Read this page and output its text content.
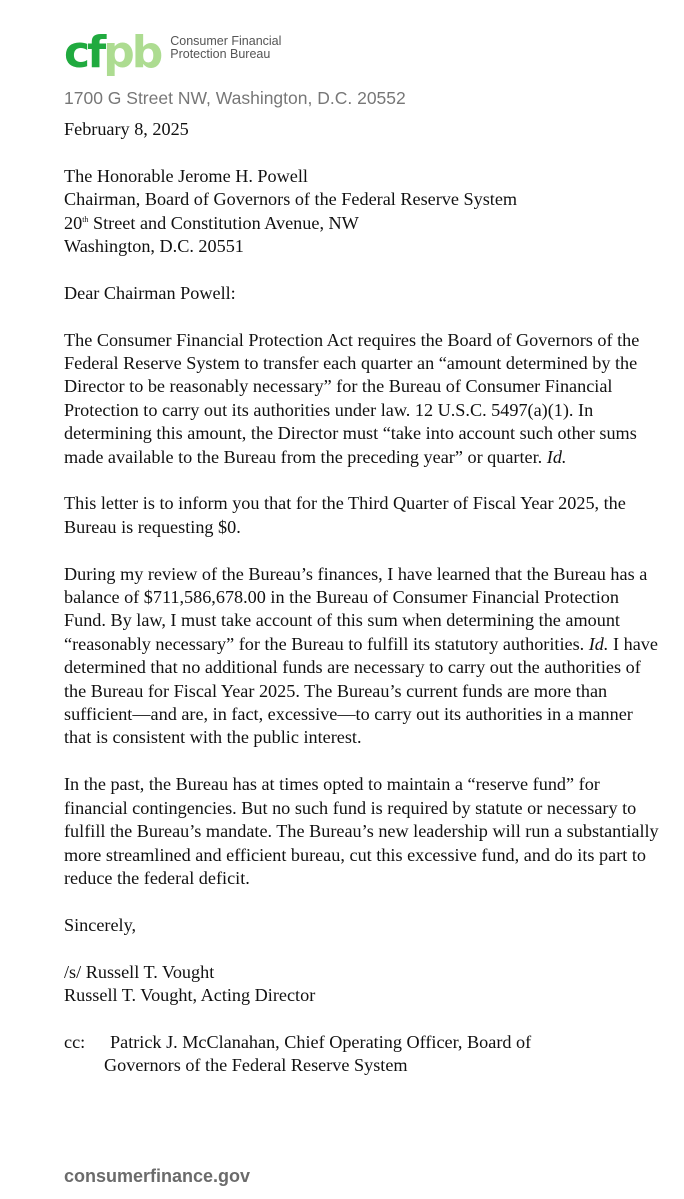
c f p b Consumer Financial
Protection Bureau
1700 G Street NW, Washington, D.C. 20552

February 8, 2025

The Honorable Jerome H. Powell

Chairman, Board of Governors of the Federal Reserve System

20th Street and Constitution Avenue, NW

Washington, D.C. 20551

Dear Chairman Powell:

The Consumer Financial Protection Act requires the Board of Governors of the Federal Reserve System to transfer each quarter an “amount determined by the Director to be reasonably necessary” for the Bureau of Consumer Financial Protection to carry out its authorities under law. 12 U.S.C. 5497(a)(1). In determining this amount, the Director must “take into account such other sums made available to the Bureau from the preceding year” or quarter. Id.

This letter is to inform you that for the Third Quarter of Fiscal Year 2025, the Bureau is requesting $0.

During my review of the Bureau’s finances, I have learned that the Bureau has a balance of $711,586,678.00 in the Bureau of Consumer Financial Protection Fund. By law, I must take account of this sum when determining the amount “reasonably necessary” for the Bureau to fulfill its statutory authorities. Id. I have determined that no additional funds are necessary to carry out the authorities of the Bureau for Fiscal Year 2025. The Bureau’s current funds are more than sufficient—and are, in fact, excessive—to carry out its authorities in a manner that is consistent with the public interest.

In the past, the Bureau has at times opted to maintain a “reserve fund” for financial contingencies. But no such fund is required by statute or necessary to fulfill the Bureau’s mandate. The Bureau’s new leadership will run a substantially more streamlined and efficient bureau, cut this excessive fund, and do its part to reduce the federal deficit.

Sincerely,

/s/ Russell T. Vought

Russell T. Vought, Acting Director

cc:	Patrick J. McClanahan, Chief Operating Officer, Board of
Governors of the Federal Reserve System
consumerfinance.gov
